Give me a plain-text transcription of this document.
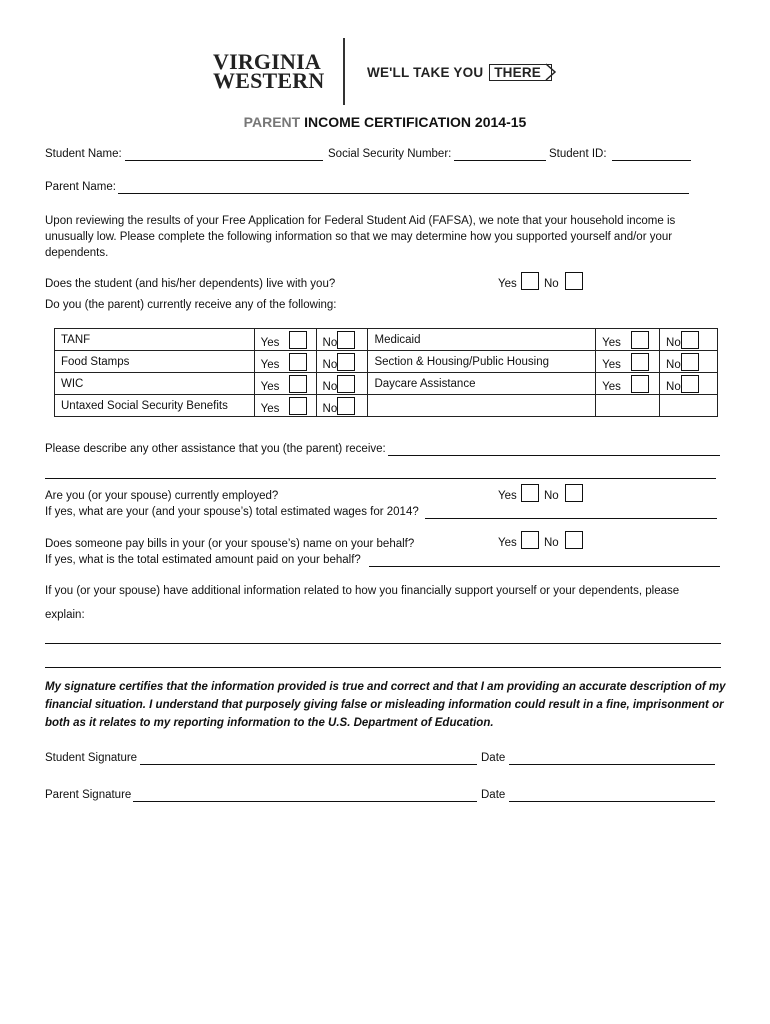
VIRGINIA
WESTERN	WE'LL TAKE YOU THERE
PARENT INCOME CERTIFICATION 2014-15
Student Name:	Social Security Number:	Student ID:
Parent Name:
Upon reviewing the results of your Free Application for Federal Student Aid (FAFSA), we note that your household income is unusually low. Please complete the following information so that we may determine how you supported yourself and/or your dependents.
Does the student (and his/her dependents) live with you?	Yes No
Do you (the parent) currently receive any of the following:
TANF	Yes	No	Medicaid	Yes	No
Food Stamps	Yes	No	Section & Housing/Public Housing	Yes	No
WIC	Yes	No	Daycare Assistance	Yes	No
Untaxed Social Security Benefits	Yes	No			
Please describe any other assistance that you (the parent) receive:
Are you (or your spouse) currently employed?	Yes No
If yes, what are your (and your spouse’s) total estimated wages for 2014?
Does someone pay bills in your (or your spouse’s) name on your behalf?	Yes No
If yes, what is the total estimated amount paid on your behalf?
If you (or your spouse) have additional information related to how you financially support yourself or your dependents, please
explain:
My signature certifies that the information provided is true and correct and that I am providing an accurate description of my financial situation. I understand that purposely giving false or misleading information could result in a fine, imprisonment or both as it relates to my reporting information to the U.S. Department of Education.
Student Signature	Date
Parent Signature	Date
